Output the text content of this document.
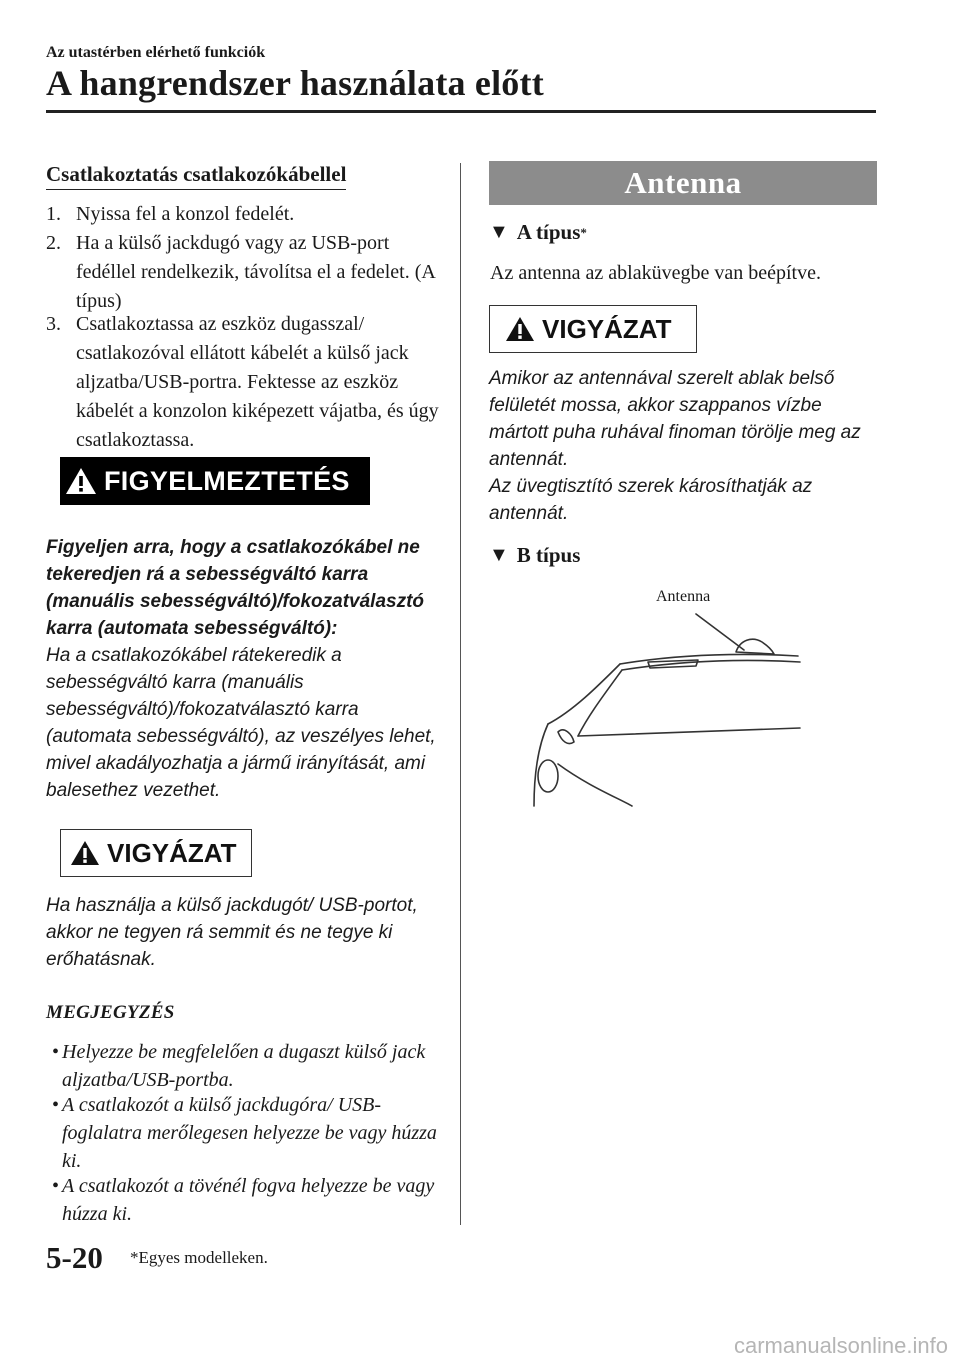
Az utastérben elérhető funkciók
A hangrendszer használata előtt
Csatlakoztatás csatlakozókábellel
1. Nyissa fel a konzol fedelét.
2. Ha a külső jackdugó vagy az USB-port fedéllel rendelkezik, távolítsa el a fedelet. (A típus)
3. Csatlakoztassa az eszköz dugasszal/ csatlakozóval ellátott kábelét a külső jack aljzatba/USB-portra. Fektesse az eszköz kábelét a konzolon kiképezett vájatba, és úgy csatlakoztassa.
FIGYELMEZTETÉS
Figyeljen arra, hogy a csatlakozókábel ne tekeredjen rá a sebességváltó karra (manuális sebességváltó)/fokozatválasztó karra (automata sebességváltó):
Ha a csatlakozókábel rátekeredik a sebességváltó karra (manuális sebességváltó)/fokozatválasztó karra (automata sebességváltó), az veszélyes lehet, mivel akadályozhatja a jármű irányítását, ami balesethez vezethet.
VIGYÁZAT
Ha használja a külső jackdugót/ USB-portot, akkor ne tegyen rá semmit és ne tegye ki erőhatásnak.
MEGJEGYZÉS
• Helyezze be megfelelően a dugaszt külső jack aljzatba/USB-portba.
• A csatlakozót a külső jackdugóra/ USB-foglalatra merőlegesen helyezze be vagy húzza ki.
• A csatlakozót a tövénél fogva helyezze be vagy húzza ki.
Antenna
▼ A típus *
Az antenna az ablaküvegbe van beépítve.
VIGYÁZAT
Amikor az antennával szerelt ablak belső felületét mossa, akkor szappanos vízbe mártott puha ruhával finoman törölje meg az antennát.
Az üvegtisztító szerek károsíthatják az antennát.
▼ B típus
Antenna
5-20 *Egyes modelleken.
carmanualsonline.info
